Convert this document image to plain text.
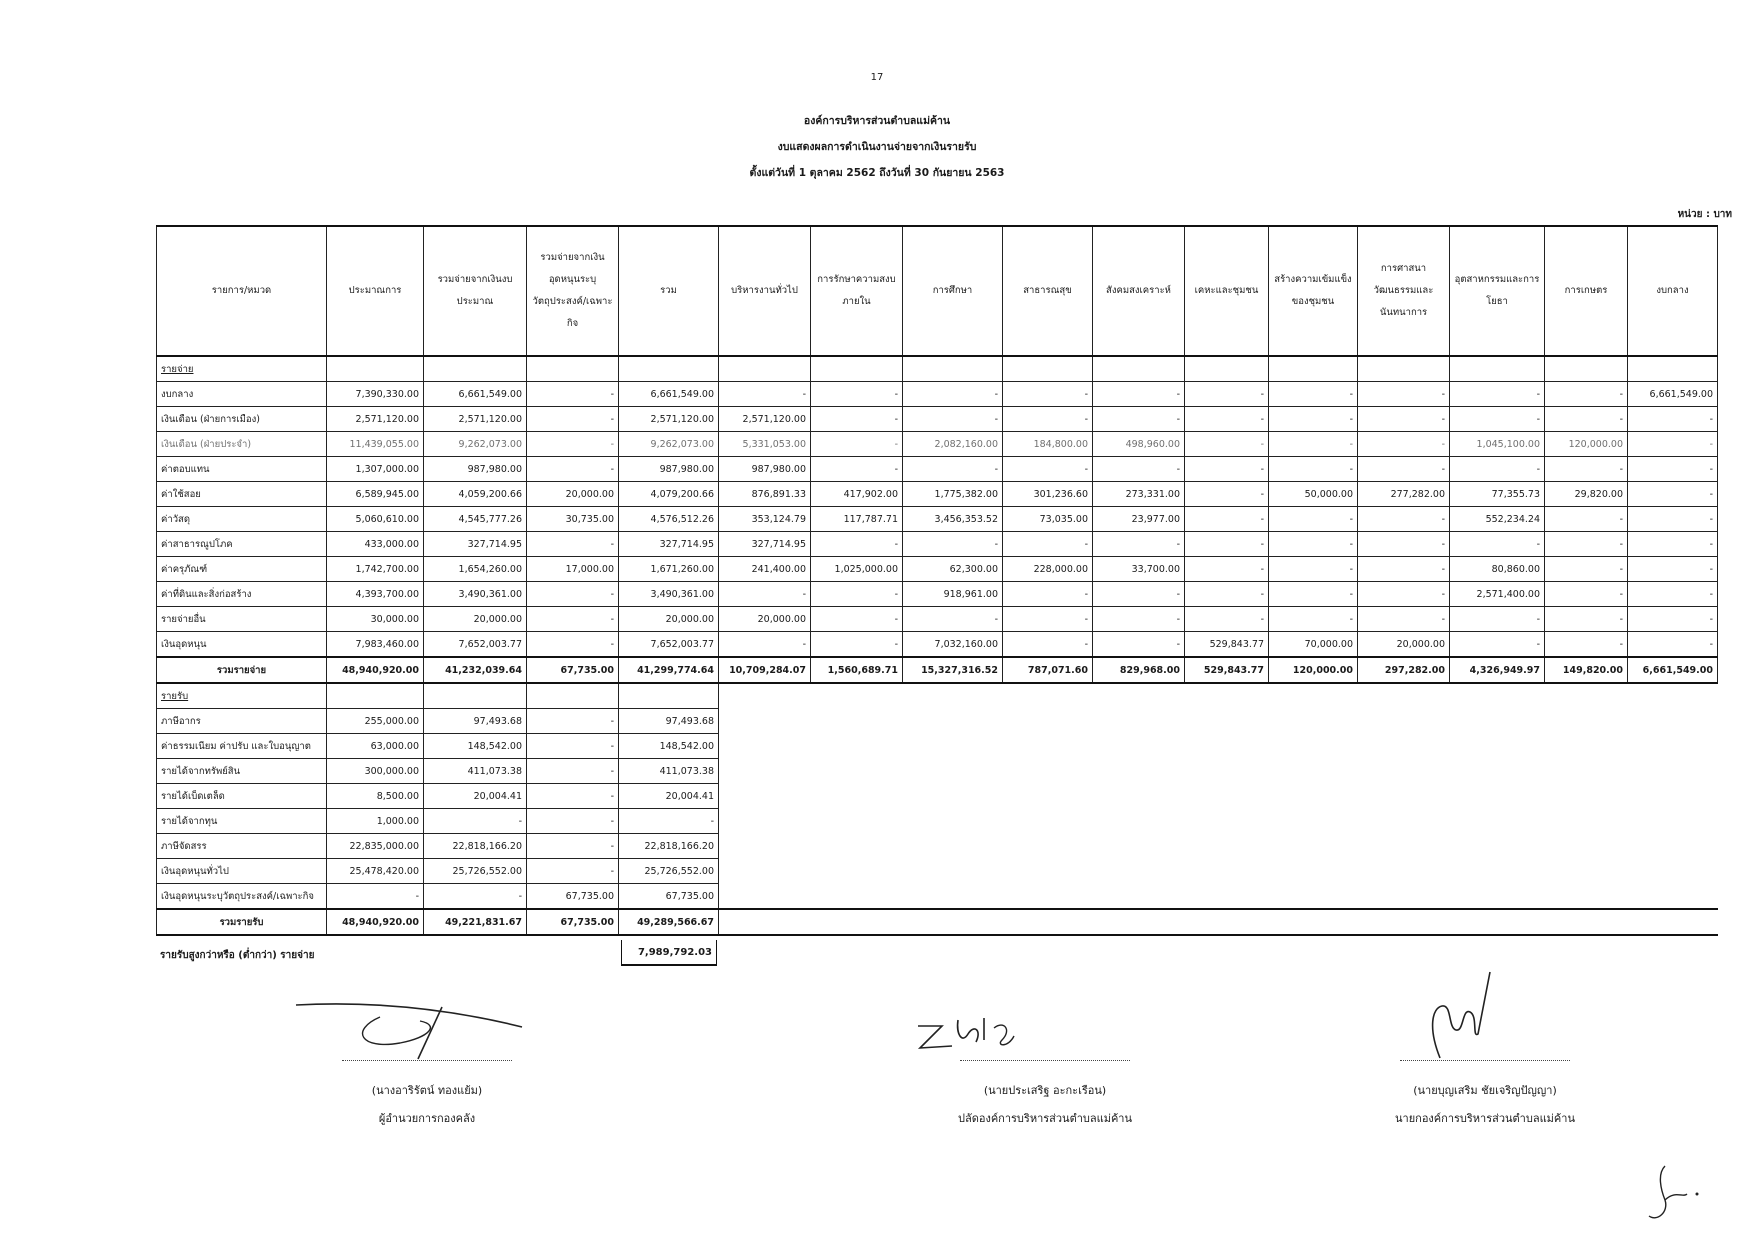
17
องค์การบริหารส่วนตำบลแม่ค้าน
งบแสดงผลการดำเนินงานจ่ายจากเงินรายรับ
ตั้งแต่วันที่ 1 ตุลาคม 2562 ถึงวันที่ 30 กันยายน 2563
หน่วย : บาท
รายการ/หมวด	ประมาณการ	รวมจ่ายจากเงินงบประมาณ	รวมจ่ายจากเงินอุดหนุนระบุวัตถุประสงค์/เฉพาะกิจ	รวม	บริหารงานทั่วไป	การรักษาความสงบภายใน	การศึกษา	สาธารณสุข	สังคมสงเคราะห์	เคหะและชุมชน	สร้างความเข้มแข็งของชุมชน	การศาสนาวัฒนธรรมและนันทนาการ	อุตสาหกรรมและการโยธา	การเกษตร	งบกลาง
รายจ่าย															
งบกลาง	7,390,330.00	6,661,549.00	-	6,661,549.00	-	-	-	-	-	-	-	-	-	-	6,661,549.00
เงินเดือน (ฝ่ายการเมือง)	2,571,120.00	2,571,120.00	-	2,571,120.00	2,571,120.00	-	-	-	-	-	-	-	-	-	-
เงินเดือน (ฝ่ายประจำ)	11,439,055.00	9,262,073.00	-	9,262,073.00	5,331,053.00	-	2,082,160.00	184,800.00	498,960.00	-	-	-	1,045,100.00	120,000.00	-
ค่าตอบแทน	1,307,000.00	987,980.00	-	987,980.00	987,980.00	-	-	-	-	-	-	-	-	-	-
ค่าใช้สอย	6,589,945.00	4,059,200.66	20,000.00	4,079,200.66	876,891.33	417,902.00	1,775,382.00	301,236.60	273,331.00	-	50,000.00	277,282.00	77,355.73	29,820.00	-
ค่าวัสดุ	5,060,610.00	4,545,777.26	30,735.00	4,576,512.26	353,124.79	117,787.71	3,456,353.52	73,035.00	23,977.00	-	-	-	552,234.24	-	-
ค่าสาธารณูปโภค	433,000.00	327,714.95	-	327,714.95	327,714.95	-	-	-	-	-	-	-	-	-	-
ค่าครุภัณฑ์	1,742,700.00	1,654,260.00	17,000.00	1,671,260.00	241,400.00	1,025,000.00	62,300.00	228,000.00	33,700.00	-	-	-	80,860.00	-	-
ค่าที่ดินและสิ่งก่อสร้าง	4,393,700.00	3,490,361.00	-	3,490,361.00	-	-	918,961.00	-	-	-	-	-	2,571,400.00	-	-
รายจ่ายอื่น	30,000.00	20,000.00	-	20,000.00	20,000.00	-	-	-	-	-	-	-	-	-	-
เงินอุดหนุน	7,983,460.00	7,652,003.77	-	7,652,003.77	-	-	7,032,160.00	-	-	529,843.77	70,000.00	20,000.00	-	-	-
รวมรายจ่าย	48,940,920.00	41,232,039.64	67,735.00	41,299,774.64	10,709,284.07	1,560,689.71	15,327,316.52	787,071.60	829,968.00	529,843.77	120,000.00	297,282.00	4,326,949.97	149,820.00	6,661,549.00
รายรับ															
ภาษีอากร	255,000.00	97,493.68	-	97,493.68											
ค่าธรรมเนียม ค่าปรับ และใบอนุญาต	63,000.00	148,542.00	-	148,542.00											
รายได้จากทรัพย์สิน	300,000.00	411,073.38	-	411,073.38											
รายได้เบ็ดเตล็ด	8,500.00	20,004.41	-	20,004.41											
รายได้จากทุน	1,000.00	-	-	-											
ภาษีจัดสรร	22,835,000.00	22,818,166.20	-	22,818,166.20											
เงินอุดหนุนทั่วไป	25,478,420.00	25,726,552.00	-	25,726,552.00											
เงินอุดหนุนระบุวัตถุประสงค์/เฉพาะกิจ	-	-	67,735.00	67,735.00											
รวมรายรับ	48,940,920.00	49,221,831.67	67,735.00	49,289,566.67											
รายรับสูงกว่าหรือ (ต่ำกว่า) รายจ่าย	7,989,792.03
(นางอาริรัตน์ ทองแย้ม)
ผู้อำนวยการกองคลัง
(นายประเสริฐ อะกะเรือน)
ปลัดองค์การบริหารส่วนตำบลแม่ค้าน
(นายบุญเสริม ชัยเจริญปัญญา)
นายกองค์การบริหารส่วนตำบลแม่ค้าน
